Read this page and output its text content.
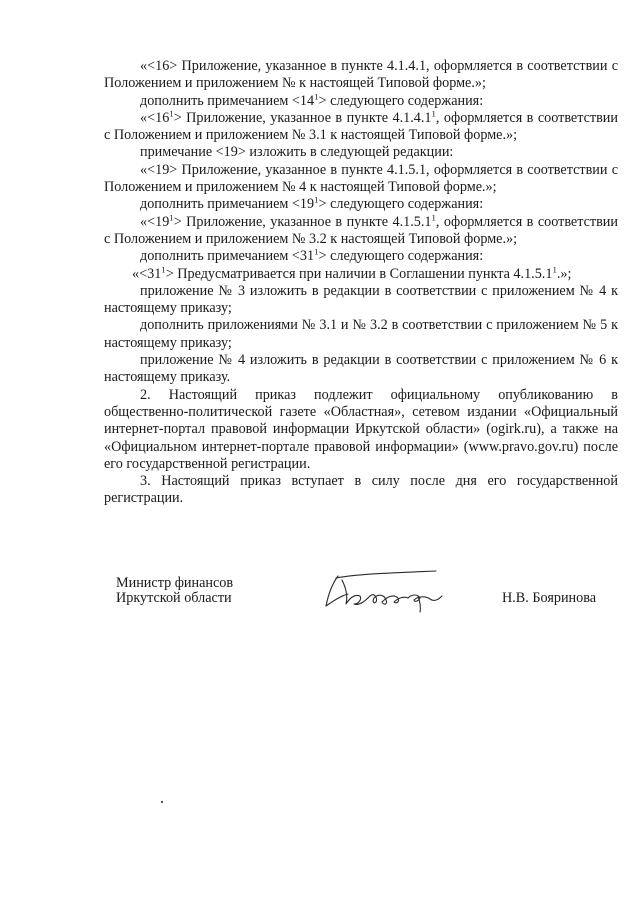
«<16> Приложение, указанное в пункте 4.1.4.1, оформляется в соответствии с Положением и приложением № к настоящей Типовой форме.»;

дополнить примечанием $<14^1>$ следующего содержания:

«$<16^1>$ Приложение, указанное в пункте 4.1.4.1$^1$, оформляется в соответствии с Положением и приложением № 3.1 к настоящей Типовой форме.»;

примечание <19> изложить в следующей редакции:

«<19> Приложение, указанное в пункте 4.1.5.1, оформляется в соответствии с Положением и приложением № 4 к настоящей Типовой форме.»;

дополнить примечанием $<19^1>$ следующего содержания:

«$<19^1>$ Приложение, указанное в пункте 4.1.5.1$^1$, оформляется в соответствии с Положением и приложением № 3.2 к настоящей Типовой форме.»;

дополнить примечанием $<31^1>$ следующего содержания:

«$<31^1>$ Предусматривается при наличии в Соглашении пункта 4.1.5.1$^1$.»;

приложение № 3 изложить в редакции в соответствии с приложением № 4 к настоящему приказу;

дополнить приложениями № 3.1 и № 3.2 в соответствии с приложением № 5 к настоящему приказу;

приложение № 4 изложить в редакции в соответствии с приложением № 6 к настоящему приказу.

2. Настоящий приказ подлежит официальному опубликованию в общественно-политической газете «Областная», сетевом издании «Официальный интернет-портал правовой информации Иркутской области» (ogirk.ru), а также на «Официальном интернет-портале правовой информации» (www.pravo.gov.ru) после его государственной регистрации.

3. Настоящий приказ вступает в силу после дня его государственной регистрации.

Министр финансов
Иркутской области	Н.В. Бояринова
